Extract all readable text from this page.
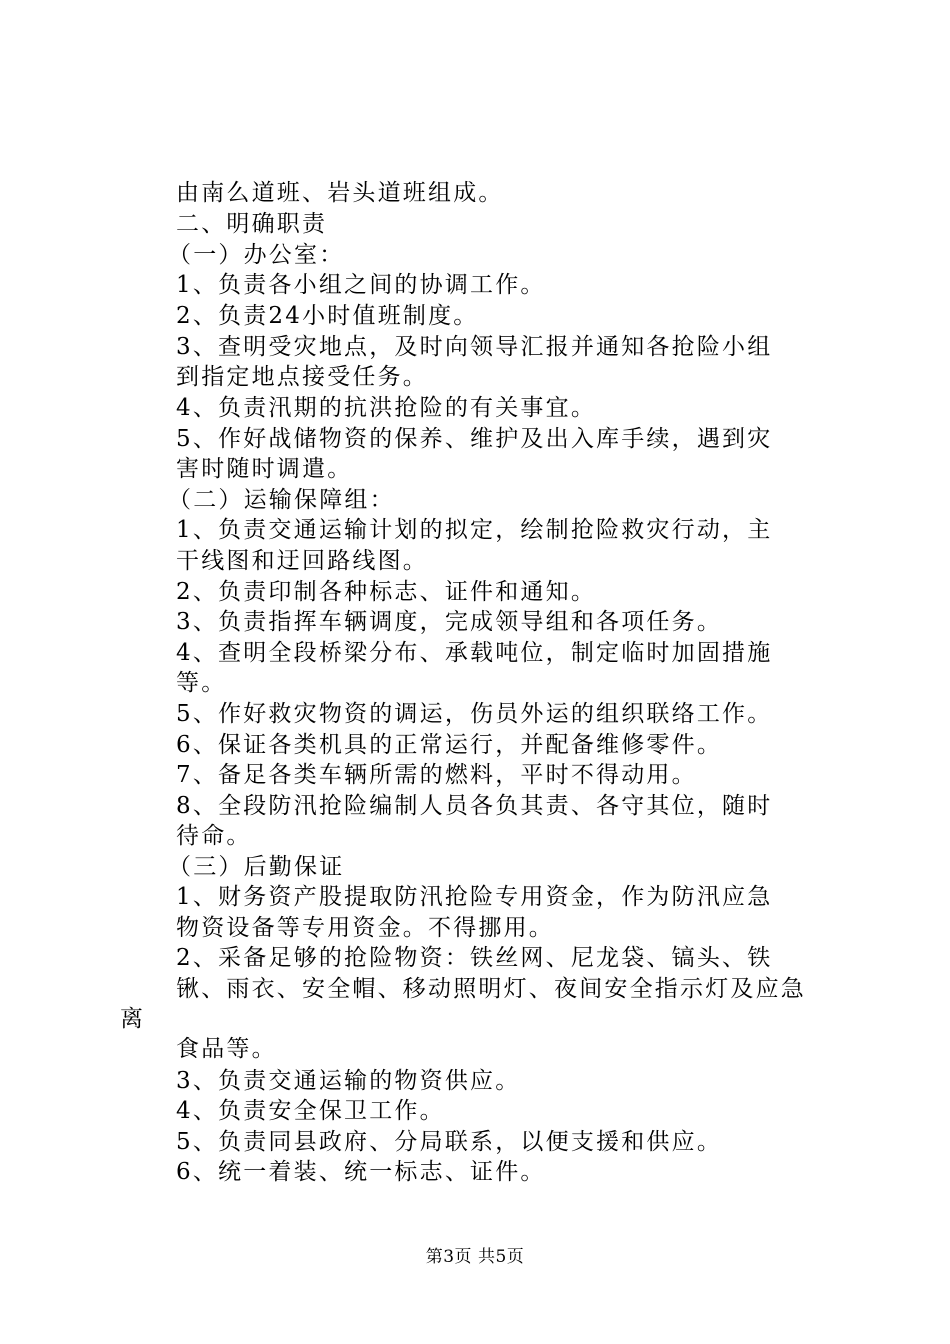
由南么道班、岩头道班组成。
二、明确职责
（一）办公室：
1、负责各小组之间的协调工作。
2、负责24小时值班制度。
3、查明受灾地点，及时向领导汇报并通知各抢险小组
到指定地点接受任务。
4、负责汛期的抗洪抢险的有关事宜。
5、作好战储物资的保养、维护及出入库手续，遇到灾
害时随时调遣。
（二）运输保障组：
1、负责交通运输计划的拟定，绘制抢险救灾行动，主
干线图和迂回路线图。
2、负责印制各种标志、证件和通知。
3、负责指挥车辆调度，完成领导组和各项任务。
4、查明全段桥梁分布、承载吨位，制定临时加固措施
等。
5、作好救灾物资的调运，伤员外运的组织联络工作。
6、保证各类机具的正常运行，并配备维修零件。
7、备足各类车辆所需的燃料，平时不得动用。
8、全段防汛抢险编制人员各负其责、各守其位，随时
待命。
（三）后勤保证
1、财务资产股提取防汛抢险专用资金，作为防汛应急
物资设备等专用资金。不得挪用。
2、采备足够的抢险物资：铁丝网、尼龙袋、镐头、铁
锹、雨衣、安全帽、移动照明灯、夜间安全指示灯及应急
离
食品等。
3、负责交通运输的物资供应。
4、负责安全保卫工作。
5、负责同县政府、分局联系，以便支援和供应。
6、统一着装、统一标志、证件。
第3页 共5页
